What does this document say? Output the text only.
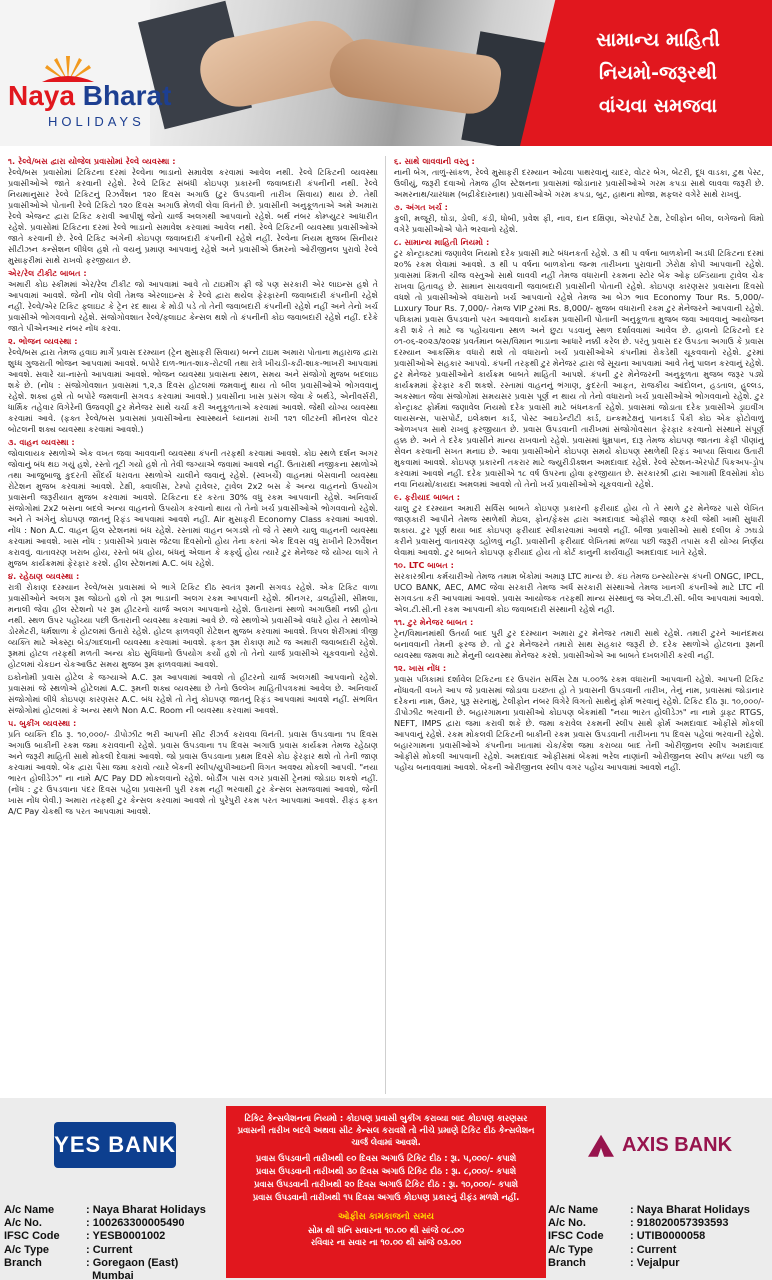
સામાન્ય માહિતી
નિયમો-જરૂરથી
વાંચવા સમજવા
Naya Bharat
HOLIDAYS
૧. રેલ્વે/બસ દ્વારા યોજેલ પ્રવાસોમાં રેલ્વે વ્યવસ્થા :
રેલ્વે/બસ પ્રવાસોમાં ટિકિટના દરમાં રેલ્વેના ભાડાનો સમાવેશ કરવામાં આવેલ નથી. રેલ્વે ટિકિટની વ્યવસ્થા પ્રવાસીઓએ જાતે કરવાની રહેશે. રેલ્વે ટિકિટ સંબંધી કોઇપણ પ્રકારની જવાબદારી કંપનીની નથી. રેલ્વે નિયમાનુસાર રેલ્વે ટિકિટનું રિઝર્વેશન ૧૨૦ દિવસ અગાઉ (ટુર ઉપડવાની તારીખ સિવાય) થાય છે. તેથી પ્રવાસીઓએ પોતાની રેલ્વે ટિકિટો ૧૨૦ દિવસ અગાઉ મેળવી લેવા વિનંતી છે. પ્રવાસીની અનુકૂળતાએ અમે અમારા રેલ્વે એજન્ટ દ્વારા ટિકિટ કરાવી આપીશું જેનો ચાર્જ અલગથી આપવાનો રહેશે. બર્થ નંબર કોમ્પ્યુટર આધારીત રહેશે. પ્રવાસોમાં ટિકિટના દરમાં રેલ્વે ભાડાનો સમાવેશ કરવામાં આવેલ નથી. રેલ્વે ટિકિટની વ્યવસ્થા પ્રવાસીઓએ જાતે કરવાની છે. રેલ્વે ટિકિટ અંગેની કોઇપણ જવાબદારી કંપનીની રહેશે નહીં. રેલ્વેના નિયમ મુજબ સિનીયર સીટીઝન કન્સેશન લીધેલ હશે તો વયનું પ્રમાણ આપવાનું રહેશે અને પ્રવાસીએ ઉંમરનો ઓરીજીનલ પુરાવો રેલ્વે મુસાફરીમાં સાથે રાખવો ફરજીયાત છે.
એર/રેલ ટીકીટ બાબત :
અમારી કોઇ સ્કીમમાં એર/રેલ ટીકીટ જો આપવામાં આવે તો ટાઇમીંગ ફ્રી જે પણ સરકારી એર લાઇન્સ હશે તે આપવામાં આવશે. જેની નોંધ લેવી તેમજ એરલાઇન્સ કે રેલ્વે દ્વારા થયેલ ફેરફારની જવાબદારી કંપનીની રહેશે નહીં. રેલ્વે/એર ટિકિટ ફ્લાઇટ કે ટ્રેન રદ થાય કે મોડી પડે તો તેની જવાબદારી કંપનીની રહેશે નહીં અને તેનો ખર્ચ પ્રવાસીએ ભોગવવાનો રહેશે. સંજોગોવશાત રેલ્વે/ફ્લાઇટ કેન્સલ થશે તો કંપનીની કોઇ જવાબદારી રહેશે નહીં. દરેકે જાતે પીએનઆર નંબર નોંધ કરવા.
૨. ભોજન વ્યવસ્થા :
રેલ્વે/બસ દ્વારા તેમજ હવાઇ માર્ગે પ્રવાસ દરમ્યાન (ટ્રેન મુસાફરી સિવાય) બન્ને ટાઇમ અમારા પોતાના મહારાજ દ્વારા શુધ્ધ ગુજરાતી ભોજન આપવામાં આવશે. બપોરે દાળ-ભાત-શાક-રોટલી તથા રાત્રે ખીચડી-કઢી-શાક-ભાખરી આપવામાં આવશે. સવારે ચા-નાસ્તો આપવામાં આવશે. ભોજન વ્યવસ્થા પ્રવાસના સ્થળ, સમય અને સંજોગો મુજબ બદલાઇ શકે છે. (નોંધ : સંજોગોવશાત પ્રવાસમાં ૧,૨,૩ દિવસ હોટલમાં જમવાનું થાય તો બીલ પ્રવાસીઓએ ભોગવવાનું રહેશે. શક્ય હશે તો બપોરે જમવાની સગવડ કરવામાં આવશે.) પ્રવાસીના ખાસ પ્રસંગ જેવા કે બર્થડે, એનીવર્સરી, ધાર્મિક તહેવાર વિગેરેની ઉજવણી ટુર મેનેજર સાથે ચર્ચા કરી અનુકૂળતાએ કરવામાં આવશે. જેથી યોગ્ય વ્યવસ્થા કરવામાં આવે. (ફક્ત રેલ્વે/બસ પ્રવાસમાં પ્રવાસીઓના સ્વાસ્થ્યને ધ્યાનમાં રાખી ૧૨૧ લીટરની મીનરલ વોટર બોટલની શક્ય વ્યવસ્થા કરવામાં આવશે.)
૩. વાહન વ્યવસ્થા :
જોવાલાયક સ્થળોએ એક વખત જવા આવવાની વ્યવસ્થા કંપની તરફથી કરવામાં આવશે. કોઇ સ્થળે દર્શન અગર જોવાનું બંધ થઇ ગયું હશે, રસ્તો તૂટી ગયો હશે તો તેવી જગ્યાએ જવામાં આવશે નહીં. ઉતારાથી નજીકના સ્થળોએ તથા આજુબાજુ કુદરતી સૌંદર્ય ધરાવતા સ્થળોએ ચાલીને જવાનું રહેશે. (સ્વખર્ચે) વાહનમાં બેસવાની વ્યવસ્થા રોટેશન મુજબ કરવામાં આવશે. ટેક્ષી, ક્વાલીસ, ટેમ્પો ટ્રાવેલર, ટ્રાવેલ 2x2 બસ કે અન્ય વાહનનો ઉપયોગ પ્રવાસની જરૂરીયાત મુજબ કરવામાં આવશે. ટિકિટના દર કરતા 30% વધુ રકમ આપવાની રહેશે. અનિવાર્ય સંજોગોમાં 2x2 બસના બદલે અન્ય વાહનનો ઉપયોગ કરવાનો થાય તો તેનો ખર્ચ પ્રવાસીઓએ ભોગવવાનો રહેશે. અને તે અંગેનું કોઇપણ જાતનું રિફંડ આપવામાં આવશે નહીં. Air મુસાફરી Economy Class કરવામાં આવશે. નોંધ : Non A.C. વાહન હિલ સ્ટેશનમાં બંધ રહેશે. રસ્તામાં વાહન બગડશે તો જે તે સ્થળે ચાલુ વાહનની વ્યવસ્થા કરવામાં આવશે. ખાસ નોંધ : પ્રવાસીએ પ્રવાસ જેટલા દિવસોનો હોય તેના કરતાં એક દિવસ વધુ રાખીને રિઝર્વેશન કરાવવું. વાતાવરણ ખરાબ હોય, રસ્તો બંધ હોય, બંધનું એલાન કે કર્ફ્યુ હોય ત્યારે ટુર મેનેજર જે યોગ્ય લાગે તે મુજબ કાર્યક્રમમાં ફેરફાર કરશે. હીલ સ્ટેશનમાં A.C. બંધ રહેશે.
૪. રહેઠાણ વ્યવસ્થા :
રાત્રી રોકાણ દરમ્યાન રેલ્વે/બસ પ્રવાસમાં બે ભાગે ટિકિટ દીઠ સ્વતંત્ર રૂમની સગવડ રહેશે. એક ટિકિટ વાળા પ્રવાસીઓને અલગ રૂમ જોઇતો હશે તો રૂમ ભાડાની અલગ રકમ આપવાની રહેશે. શ્રીનગર, ડાલહૌસી, સીમલા, મનાલી જેવા હીલ સ્ટેશનો પર રૂમ હીટરનો ચાર્જ અલગ આપવાનો રહેશે. ઉતારાનાં સ્થળો અગાઉથી નક્કી હોતા નથી. સ્થળ ઉપર પહોંચ્યા પછી ઉતારાની વ્યવસ્થા કરવામાં આવે છે. જે સ્થળોએ પ્રવાસીઓ વધારે હોય તે સ્થળોએ ડોરમેટરી, ધર્મશાળા કે હોટલમાં ઉતારો રહેશે. હોટલ ફાળવણી રોટેશન મુજબ કરવામાં આવશે. ત્રિપલ શેરીંગમાં ત્રીજી વ્યક્તિ માટે એક્સ્ટ્રા બેડ/ગાદલાની વ્યવસ્થા કરવામાં આવશે. ફક્ત રૂમ રોકાણ માટે જ અમારી જવાબદારી રહેશે. રૂમમાં હોટલ તરફથી મળતી અન્ય કોઇ સુવિધાનો ઉપયોગ કર્યો હશે તો તેનો ચાર્જ પ્રવાસીએ ચૂકવવાનો રહેશે. હોટલમાં ચેકઇન ચેકઆઉટ સમય મુજબ રૂમ ફાળવવામાં આવશે.
ઇકોનોમી પ્રવાસ હોટેલ કે જગ્યાએ A.C. રૂમ આપવામાં આવશે તો હીટરનો ચાર્જ અલગથી આપવાનો રહેશે. પ્રવાસમાં જે સ્થળોએ હોટેલમાં A.C. રૂમની શક્ય વ્યવસ્થા છે તેનો ઉલ્લેખ માહિતીપત્રકમાં આવેલ છે. અનિવાર્ય સંજોગોમાં લીધે કોઇપણ કારણસર A.C. બંધ રહેશે તો તેનું કોઇપણ જાતનું રિફંડ આપવામાં આવશે નહીં. સંભવિત સંજોગોમાં હોટલમાં કે અન્ય સ્થળે Non A.C. Room ની વ્યવસ્થા કરવામાં આવશે.
૫. બુકીંગ વ્યવસ્થા :
પ્રતિ વ્યક્તિ દીઠ રૂ. ૧૦,૦૦૦/- ડીપોઝીટ ભરી આપની સીટ રીઝર્વ કરાવવા વિનંતી. પ્રવાસ ઉપડવાના ૧૫ દિવસ અગાઉ બાકીની રકમ જમા કરાવવાની રહેશે. પ્રવાસ ઉપડવાના ૧૫ દિવસ અગાઉ પ્રવાસ કાર્યક્રમ તેમજ રહેઠાણ અને જરૂરી માહિતી સાથે મોકલી દેવામાં આવશે. જો પ્રવાસ ઉપડવાના પ્રથમ દિવસે કોઇ ફેરફાર થશે તો તેની જાણ કરવામાં આવશે. બેંક દ્વારા પૈસા જમા કરાવો ત્યારે બેંકની સ્લીપ/યુપીઆઇની વિગત અવશ્ય મોકલી આપવી. "નયા ભારત હોલીડેઝ" ના નામે A/C Pay DD મોકલવાનો રહેશે. બોર્ડીંગ પાસ વગર પ્રવાસી ટ્રેનમાં જોડાઇ શકશે નહીં. (નોંધ : ટુર ઉપડવાના પંદર દિવસ પહેલા પ્રવાસની પુરી રકમ નહીં ભરવાથી ટુર કેન્સલ સમજવામાં આવશે, જેની ખાસ નોંધ લેવી.) અમારા તરફથી ટુર કેન્સલ કરવામાં આવશે તો પુરેપુરી રકમ પરત આપવામાં આવશે. રીફંડ ફક્ત A/C Pay ચેકથી જ પરત આપવામાં આવશે.
૬. સાથે લાવવાની વસ્તુ :
નાની બેગ, તાળું-સાંકળ, રેલ્વે મુસાફરી દરમ્યાન ઓઢવા પાથરવાનું ચાદર, વોટર બેગ, બેટરી, દૂધ વાડકા, ટુથ પેસ્ટ, ઉલીયું, જરૂરી દવાઓ તેમજ હીલ સ્ટેશનના પ્રવાસમાં જોડાનાર પ્રવાસીઓએ ગરમ કપડા સાથે લાવવા જરૂરી છે. અમરનાથ/ચારધામ (બદ્રીકેદારનાથ) પ્રવાસીઓએ ગરમ કપડા, બુટ, હાથના મોજા, મફલર વગેરે સાથે રાખવું.
૭. અંગત ખર્ચ :
કુલી, મજૂરી, ઘોડા, ડોલી, કંડી, ધોબી, પ્રવેશ ફી, નાવ, દાન દક્ષિણા, એરપોર્ટ ટેક્ષ, ટેલીફોન બીલ, લગેજનો વિમો વગેરે પ્રવાસીઓએ પોતે ભરવાનો રહેશે.
૮. સામાન્ય માહિતી નિયમો :
ટુર કોન્ટ્રાક્ટમાં જણાવેલ નિયમો દરેક પ્રવાસી માટે બંધનકર્તા રહેશે. ૩ થી ૫ વર્ષના બાળકોની અડધી ટિકિટના દરમાં ૨૦% રકમ લેવામાં આવશે. ૩ થી ૫ વર્ષના બાળકોના જન્મ તારીખના પુરાવાની ઝેરોક્ષ કોપી આપવાની રહેશે. પ્રવાસમાં કિંમતી ચીજ વસ્તુઓ સાથે લાવવી નહીં તેમજ વધારાની રકમના સ્ટોર બેંક ઓફ ઇન્ડિયાના ટ્રાવેલ ચેક રાખવા હિતાવહ છે. સામાન સાચવવાની જવાબદારી પ્રવાસીની પોતાની રહેશે. કોઇપણ કારણસર પ્રવાસના દિવસો વધશે તો પ્રવાસીઓએ વધારાનો ખર્ચ આપવાનો રહેશે તેમજ આ બેઝ ભાવ Economy Tour Rs. 5,000/- Luxury Tour Rs. 7,000/- તેમજ VIP ટુરમાં Rs. 8,000/- મુજબ વધારાની રકમ ટુર મેનેજરને આપવાની રહેશે. પત્રિકામાં પ્રવાસ ઉપડવાનો પરત આવવાનો કાર્યક્રમ પ્રવાસીની પોતાની અનુકૂળતા મુજબ જવા આવવાનું આયોજન કરી શકે તે માટે જ પહોંચવાના સ્થળ અને છુટા પડવાનું સ્થળ દર્શાવવામાં આવેલ છે. હાલનો ટિકિટનો દર ૦૧-૦૬-૨૦૨૩/૨૦૨૪ પ્રવર્તમાન બસ/વિમાન ભાડાના આધારે નક્કી કરેલ છે. પરંતુ પ્રવાસ દર ઉપડતા અગાઉ કે પ્રવાસ દરમ્યાન આકસ્મિક વધારો થશે તો વધારાનો ખર્ચ પ્રવાસીઓએ કંપનીમાં રોકડેથી ચૂકવવાનો રહેશે. ટુરમાં પ્રવાસીઓએ સહકાર આપવો. કંપની તરફથી ટુર મેનેજર દ્વારા જે સૂચના આપવામાં આવે તેનું પાલન કરવાનું રહેશે. ટુર મેનેજર પ્રવાસીઓને કાર્યક્રમ બાબતે માહિતી આપશે. કંપની ટુર મેનેજરની અનુકૂળતા મુજબ જરૂર પડ્યે કાર્યક્રમમાં ફેરફાર કરી શકશે. રસ્તામાં વાહનનું ભંગાણ, કુદરતી આફત, રાજકીય આંદોલન, હડતાલ, હુલ્લડ, અકસ્માત જેવા સંજોગોમાં સમયસર પ્રવાસ પૂર્ણ ન થાય તો તેનો વધારાનો ખર્ચ પ્રવાસીઓએ ભોગવવાનો રહેશે. ટુર કોન્ટ્રાક્ટ ફોર્મમાં જણાવેલ નિયમો દરેક પ્રવાસી માટે બંધનકર્તા રહેશે. પ્રવાસમાં જોડાતા દરેક પ્રવાસીએ ડ્રાઇવીંગ લાયસન્સ, પાસપોર્ટ, ઇલેક્શન કાર્ડ, પોસ્ટ આઇડેન્ટીટી કાર્ડ, ઇન્કમટેક્ષનું પાનકાર્ડ પૈકી કોઇ એક ફોટોવાળું ઓળખપત્ર સાથે રાખવું ફરજીયાત છે. પ્રવાસ ઉપડવાની તારીખમાં સંજોગોવસાત ફેરફાર કરવાનો સંસ્થાને સંપૂર્ણ હક્ક છે. અને તે દરેક પ્રવાસીને માન્ય રાખવાનો રહેશે. પ્રવાસમાં ધુમ્રપાન, દારૂ તેમજ કોઇપણ જાતના કેફી પીણાંનું સેવન કરવાની સખત મનાઇ છે. આવા પ્રવાસીઓને કોઇપણ સમયે કોઇપણ સ્થળેથી રિફંડ આપ્યા સિવાય ઉતારી મુકવામાં આવશે. કોઇપણ પ્રકારની તકરાર માટે જ્યુરીડીક્શન અમદાવાદ રહેશે. રેલ્વે સ્ટેશન-એરપોર્ટ પિકઅપ-ડ્રોપ કરવામાં આવશે નહીં. દરેક પ્રવાસીએ ૧૮ વર્ષ ઉપરના હોવા ફરજીયાત છે. સરકારશ્રી દ્વારા આગામી દિવસોમાં કોઇ નવા નિયમો/કાયદા અમલમાં આવશે તો તેનો ખર્ચ પ્રવાસીઓએ ચૂકવવાનો રહેશે.
૯. ફરીયાદ બાબત :
ચાલુ ટુર દરમ્યાન અમારી સર્વિસ બાબતે કોઇપણ પ્રકારની ફરીયાદ હોય તો તે સ્થળે ટુર મેનેજર પાસે લેખિત જાણકારી આપીને તેમજ સ્થળેથી મેઇલ, ફોન/ફેક્સ દ્વારા અમદાવાદ ઓફીસે જાણ કરવી જેથી ખામી સુધારી શકાય. ટુર પૂર્ણ થયા બાદ કોઇપણ ફરીયાદ સ્વીકારવામાં આવશે નહીં. બીજા પ્રવાસીઓ સાથે દલીલ કે ઝઘડો કરીને પ્રવાસનું વાતાવરણ ડહોળવું નહીં. પ્રવાસીની ફરીયાદ લેખિતમાં મળ્યા પછી જરૂરી તપાસ કરી યોગ્ય નિર્ણય લેવામાં આવશે. ટુર બાબતે કોઇપણ ફરીયાદ હોય તો કોર્ટ કાનુની કાર્યવાહી અમદાવાદ ખાતે રહેશે.
૧૦. LTC બાબત :
સરકારશ્રીના કર્મચારીઓ તેમજ તમામ બેંકોમાં અમારૂ LTC માન્ય છે. કંઇ તેમજ ઇન્સ્યોરન્સ કંપની ONGC, IPCL, UCO BANK, AEC, AMC જેવા સરકારી તેમજ અર્ધ સરકારી સંસ્થાઓ તેમજ ખાનગી કંપનીઓ માટે LTC ની સગવડતા કરી આપવામાં આવશે. પ્રવાસ આયોજક તરફથી માન્ય સંસ્થાનું જ એલ.ટી.સી. બીલ આપવામાં આવશે. એલ.ટી.સી.ની રકમ આપવાની કોઇ જવાબદારી સંસ્થાની રહેશે નહીં.
૧૧. ટુર મેનેજર બાબત :
ટ્રેન/વિમાનમાંથી ઉતર્યા બાદ પુરી ટુર દરમ્યાન અમારા ટુર મેનેજર તમારી સાથે રહેશે. તમારી ટુરને આનંદમય બનાવવાની તેમની ફરજ છે. તો ટુર મેનેજરને તમારો સાથ સહકાર જરૂરી છે. દરેક સ્થળોએ હોટલના રૂમની વ્યવસ્થા જમવા માટે મેનુની વ્યવસ્થા મેનેજર કરશે. પ્રવાસીઓએ આ બાબતે દખલગીરી કરવી નહીં.
૧૨. ખાસ નોંધ :
પ્રવાસ પત્રિકામાં દર્શાવેલ ટિકિટના દર ઉપરાંત સર્વિસ ટેક્ષ ૫.૦૦% રકમ વધારાની આપવાની રહેશે. આપની ટિકિટ નોંધાવતી વખતે આપ જે પ્રવાસમાં જોડાવા ઇચ્છતા હો તે પ્રવાસની ઉપડવાની તારીખ, તેનું નામ, પ્રવાસમાં જોડાનાર દરેકના નામ, ઉંમર, પુરૂ સરનામું, ટેલીફોન નંબર વિગેરે વિગતો સાથેનું ફોર્મ ભરવાનું રહેશે. ટિકિટ દીઠ રૂા. ૧૦,૦૦૦/- ડીપોઝીટ ભરવાની છે. બહારગામના પ્રવાસીઓ કોઇપણ બેંકમાંથી "નયા ભારત હોલીડેઝ" ના નામે ડ્રાફ્ટ RTGS, NEFT, IMPS દ્વારા જમા કરાવી શકે છે. જમા કરાવેલ રકમની સ્લીપ સાથે ફોર્મ અમદાવાદ ઓફીસે મોકલી આપવાનું રહેશે. રકમ મોકલવી ટિકિટની બાકીની રકમ પ્રવાસ ઉપડવાની તારીખના ૧૫ દિવસ પહેલાં ભરવાની રહેશે. બહારગામના પ્રવાસીઓએ કંપનીના ખાતામાં ચેક/કેશ જમા કરાવ્યા બાદ તેની ઓરીજીનલ સ્લીપ અમદાવાદ ઓફીસે મોકલી આપવાની રહેશે. અમદાવાદ ઓફીસમાં બેંકમાં ભરેલ નાણાંની ઓરીજીનલ સ્લીપ મળ્યા પછી જ પહોંચ બનાવવામાં આવશે. બેંકની ઓરીજીનલ સ્લીપ વગર પહોંચ આપવામાં આવશે નહીં.
YES BANK
A/c Name	: Naya Bharat Holidays
A/c No.	: 100263300005490
IFSC Code	: YESB0001002
A/c Type	: Current
Branch	: Goregaon (East)
Mumbai
ટિકિટ કેન્સલેશનના નિયમો : કોઇપણ પ્રવાસી બુકીંગ કરાવ્યા બાદ કોઇપણ કારણસર પ્રવાસની તારીખ બદલે અથવા સીટ કેન્સલ કરાવશે તો નીચે પ્રમાણે ટિકિટ દીઠ કેન્સલેશન ચાર્જ લેવામાં આવશે.
પ્રવાસ ઉપડવાની તારીખથી ૯૦ દિવસ અગાઉ ટિકિટ દીઠ : રૂા. ૫,૦૦૦/- કપાશે
પ્રવાસ ઉપડવાની તારીખથી ૩૦ દિવસ અગાઉ ટિકિટ દીઠ : રૂા. ૮,૦૦૦/- કપાશે
પ્રવાસ ઉપડવાની તારીખથી ૨૦ દિવસ અગાઉ ટિકિટ દીઠ : રૂા. ૧૦,૦૦૦/- કપાશે
પ્રવાસ ઉપડવાની તારીખથી ૧૫ દિવસ અગાઉ કોઇપણ પ્રકારનું રીફંડ મળશે નહીં.
ઓફીસ કામકાજનો સમય
સોમ થી શનિ સવારના ૧૦.૦૦ થી સાંજે ૦૮.૦૦
રવિવાર ના સવાર ના ૧૦.૦૦ થી સાંજે ૦૩.૦૦
AXIS BANK
A/c Name	: Naya Bharat Holidays
A/c No.	: 918020057393593
IFSC Code	: UTIB0000058
A/c Type	: Current
Branch	: Vejalpur
